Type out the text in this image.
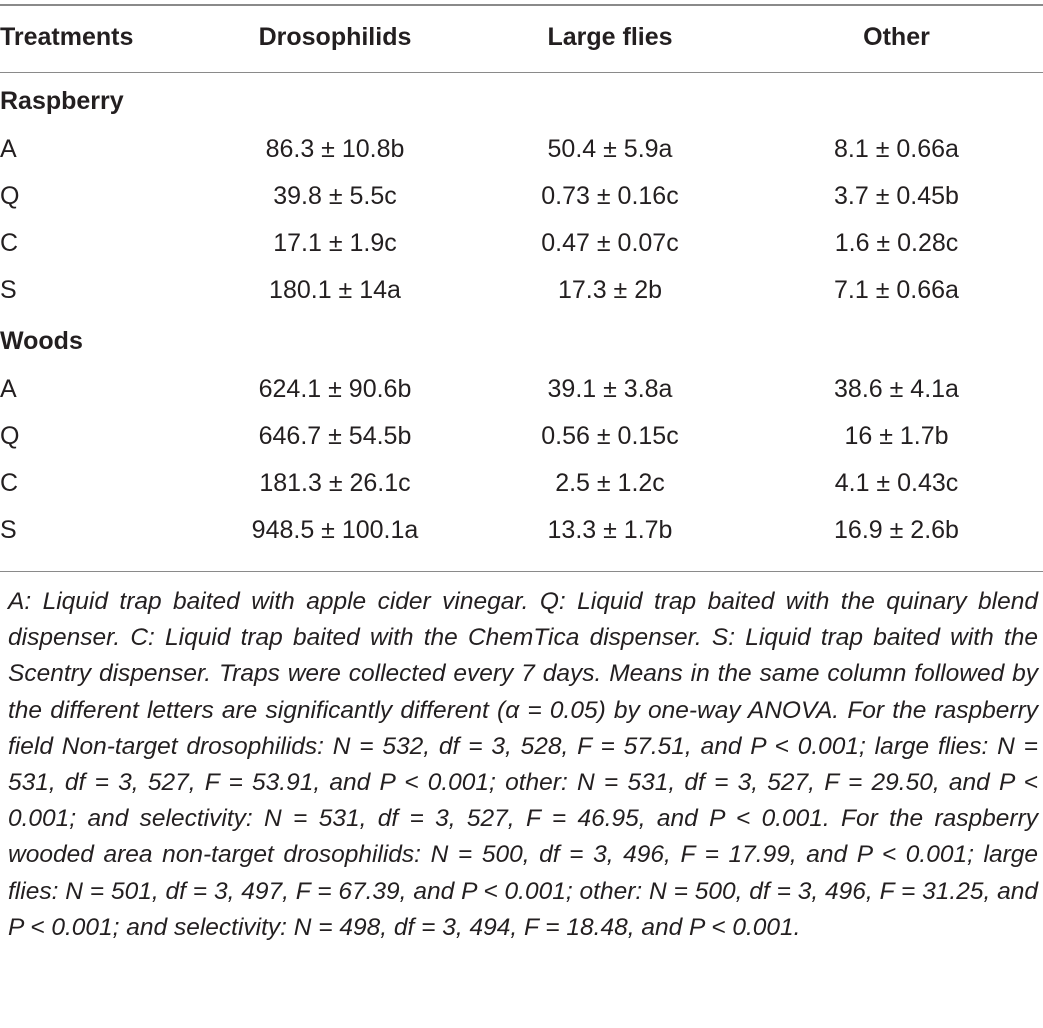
Treatments	Drosophilids	Large flies	Other
Raspberry			
A	86.3 ± 10.8b	50.4 ± 5.9a	8.1 ± 0.66a
Q	39.8 ± 5.5c	0.73 ± 0.16c	3.7 ± 0.45b
C	17.1 ± 1.9c	0.47 ± 0.07c	1.6 ± 0.28c
S	180.1 ± 14a	17.3 ± 2b	7.1 ± 0.66a
Woods			
A	624.1 ± 90.6b	39.1 ± 3.8a	38.6 ± 4.1a
Q	646.7 ± 54.5b	0.56 ± 0.15c	16 ± 1.7b
C	181.3 ± 26.1c	2.5 ± 1.2c	4.1 ± 0.43c
S	948.5 ± 100.1a	13.3 ± 1.7b	16.9 ± 2.6b

A: Liquid trap baited with apple cider vinegar. Q: Liquid trap baited with the quinary blend dispenser. C: Liquid trap baited with the ChemTica dispenser. S: Liquid trap baited with the Scentry dispenser. Traps were collected every 7 days. Means in the same column followed by the different letters are significantly different (α = 0.05) by one-way ANOVA. For the raspberry field Non-target drosophilids: N = 532, df = 3, 528, F = 57.51, and P < 0.001; large flies: N = 531, df = 3, 527, F = 53.91, and P < 0.001; other: N = 531, df = 3, 527, F = 29.50, and P < 0.001; and selectivity: N = 531, df = 3, 527, F = 46.95, and P < 0.001. For the raspberry wooded area non-target drosophilids: N = 500, df = 3, 496, F = 17.99, and P < 0.001; large flies: N = 501, df = 3, 497, F = 67.39, and P < 0.001; other: N = 500, df = 3, 496, F = 31.25, and P < 0.001; and selectivity: N = 498, df = 3, 494, F = 18.48, and P < 0.001.
